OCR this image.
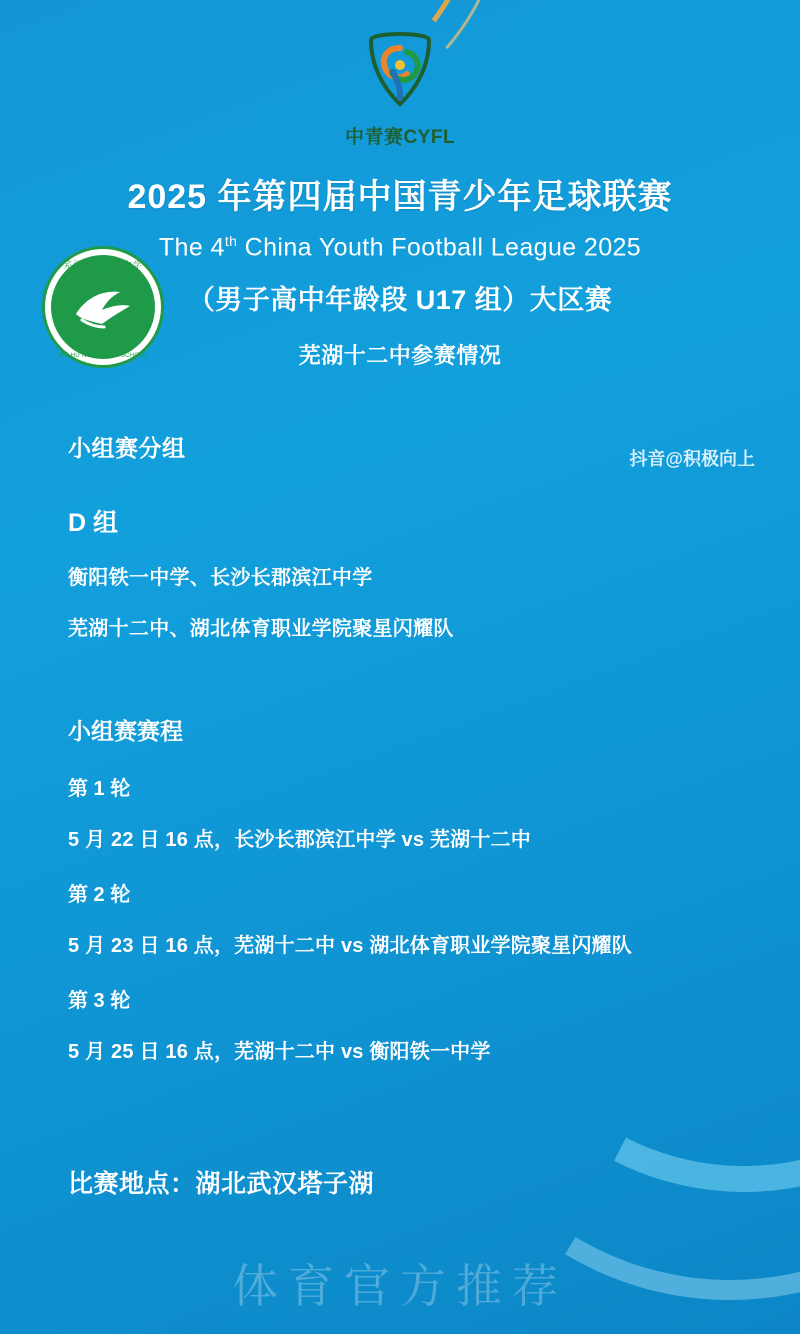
中青赛CYFL
2025 年第四届中国青少年足球联赛
The 4th China Youth Football League 2025
（男子高中年龄段 U17 组）大区赛
芜湖十二中参赛情况
芜湖市第十二中学
WU HU NO.12 HIGH SCHOOL
抖音@积极向上
小组赛分组
D 组
衡阳铁一中学、长沙长郡滨江中学
芜湖十二中、湖北体育职业学院聚星闪耀队
小组赛赛程
第 1 轮
5 月 22 日 16 点，长沙长郡滨江中学 vs 芜湖十二中
第 2 轮
5 月 23 日 16 点，芜湖十二中 vs 湖北体育职业学院聚星闪耀队
第 3 轮
5 月 25 日 16 点，芜湖十二中 vs 衡阳铁一中学
比赛地点：湖北武汉塔子湖
体育官方推荐
